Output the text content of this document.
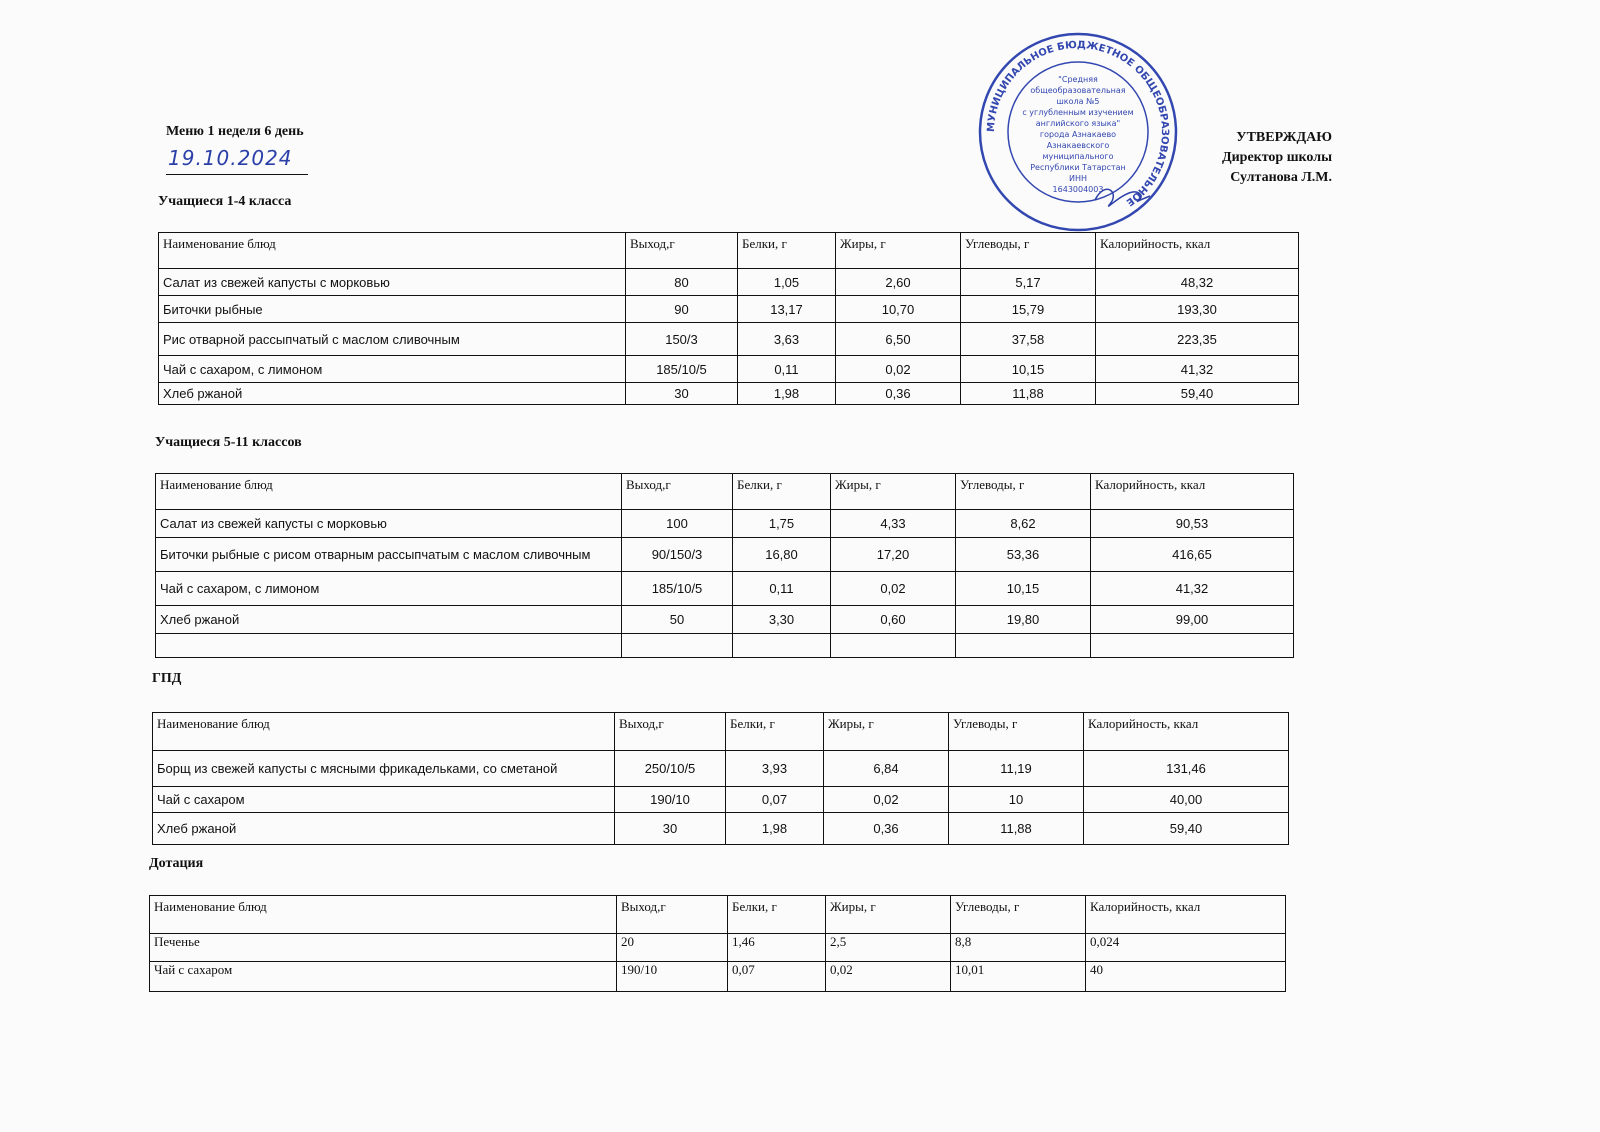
Меню 1 неделя 6 день
19.10.2024
МУНИЦИПАЛЬНОЕ БЮДЖЕТНОЕ ОБЩЕОБРАЗОВАТЕЛЬНОЕ
"Средняя
общеобразовательная
школа №5
с углубленным изучением
английского языка"
города Азнакаево
Азнакаевского
муниципального
Республики Татарстан
ИНН
1643004003
УТВЕРЖДАЮ
Директор школы
Султанова Л.М.
Учащиеся 1-4 класса
Наименование блюд	Выход,г	Белки, г	Жиры, г	Углеводы, г	Калорийность, ккал
Салат из свежей капусты с морковью	80	1,05	2,60	5,17	48,32
Биточки рыбные	90	13,17	10,70	15,79	193,30
Рис отварной рассыпчатый с маслом сливочным	150/3	3,63	6,50	37,58	223,35
Чай с сахаром, с лимоном	185/10/5	0,11	0,02	10,15	41,32
Хлеб ржаной	30	1,98	0,36	11,88	59,40
Учащиеся 5-11 классов
Наименование блюд	Выход,г	Белки, г	Жиры, г	Углеводы, г	Калорийность, ккал
Салат из свежей капусты с морковью	100	1,75	4,33	8,62	90,53
Биточки рыбные с рисом отварным рассыпчатым с маслом сливочным	90/150/3	16,80	17,20	53,36	416,65
Чай с сахаром, с лимоном	185/10/5	0,11	0,02	10,15	41,32
Хлеб ржаной	50	3,30	0,60	19,80	99,00

ГПД
Наименование блюд	Выход,г	Белки, г	Жиры, г	Углеводы, г	Калорийность, ккал
Борщ из свежей капусты с мясными фрикадельками, со сметаной	250/10/5	3,93	6,84	11,19	131,46
Чай с сахаром	190/10	0,07	0,02	10	40,00
Хлеб ржаной	30	1,98	0,36	11,88	59,40
Дотация
Наименование блюд	Выход,г	Белки, г	Жиры, г	Углеводы, г	Калорийность, ккал
Печенье	20	1,46	2,5	8,8	0,024
Чай с сахаром	190/10	0,07	0,02	10,01	40
